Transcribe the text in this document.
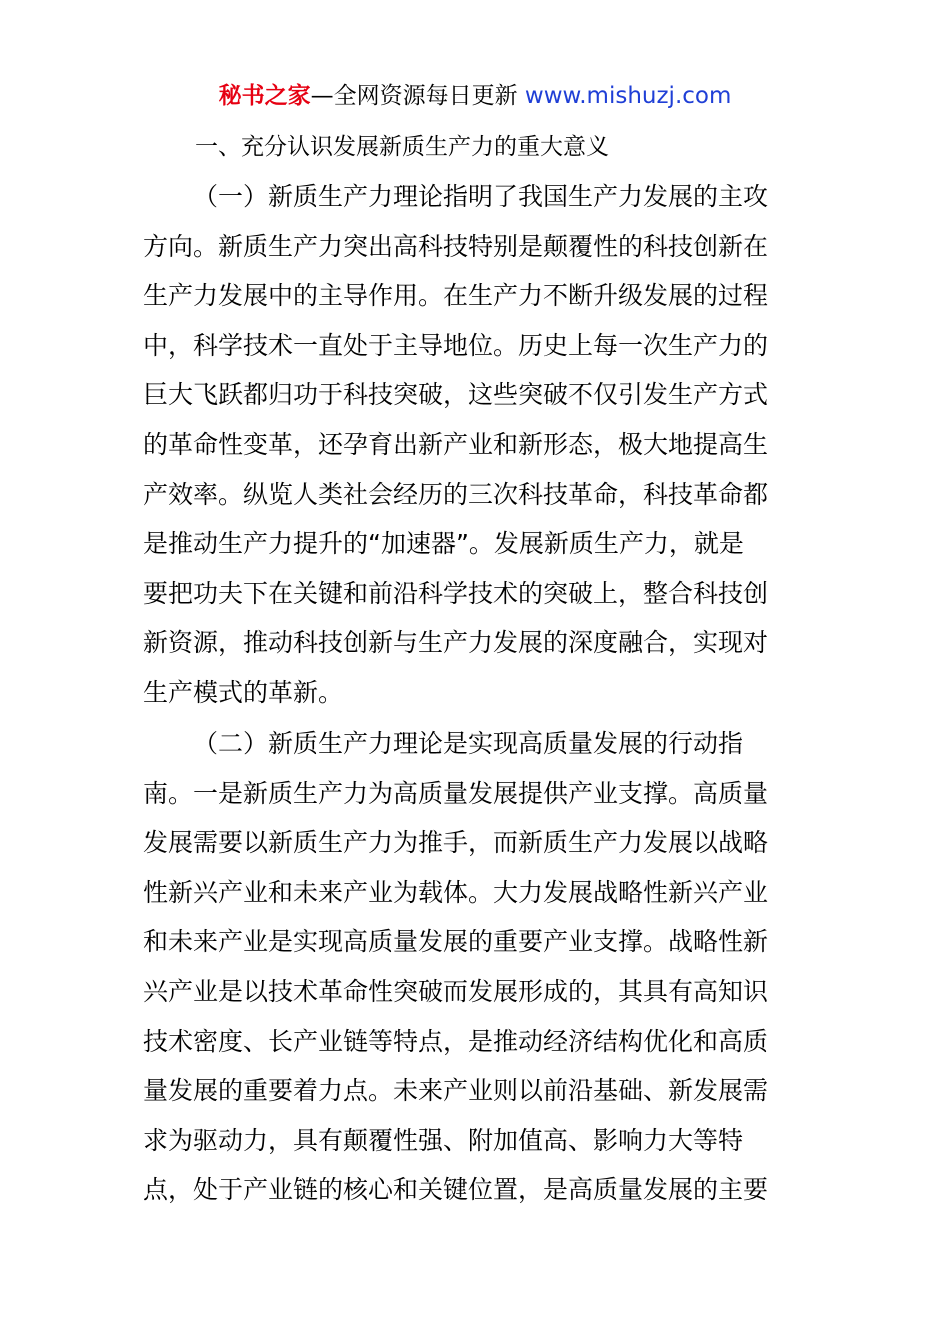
秘书之家—全网资源每日更新 www.mishuzj.com
一、充分认识发展新质生产力的重大意义
（一）新质生产力理论指明了我国生产力发展的主攻
方向。新质生产力突出高科技特别是颠覆性的科技创新在
生产力发展中的主导作用。在生产力不断升级发展的过程
中，科学技术一直处于主导地位。历史上每一次生产力的
巨大飞跃都归功于科技突破，这些突破不仅引发生产方式
的革命性变革，还孕育出新产业和新形态，极大地提高生
产效率。纵览人类社会经历的三次科技革命，科技革命都
是推动生产力提升的“加速器”。发展新质生产力，就是
要把功夫下在关键和前沿科学技术的突破上，整合科技创
新资源，推动科技创新与生产力发展的深度融合，实现对
生产模式的革新。
（二）新质生产力理论是实现高质量发展的行动指
南。一是新质生产力为高质量发展提供产业支撑。高质量
发展需要以新质生产力为推手，而新质生产力发展以战略
性新兴产业和未来产业为载体。大力发展战略性新兴产业
和未来产业是实现高质量发展的重要产业支撑。战略性新
兴产业是以技术革命性突破而发展形成的，其具有高知识
技术密度、长产业链等特点，是推动经济结构优化和高质
量发展的重要着力点。未来产业则以前沿基础、新发展需
求为驱动力，具有颠覆性强、附加值高、影响力大等特
点，处于产业链的核心和关键位置，是高质量发展的主要
